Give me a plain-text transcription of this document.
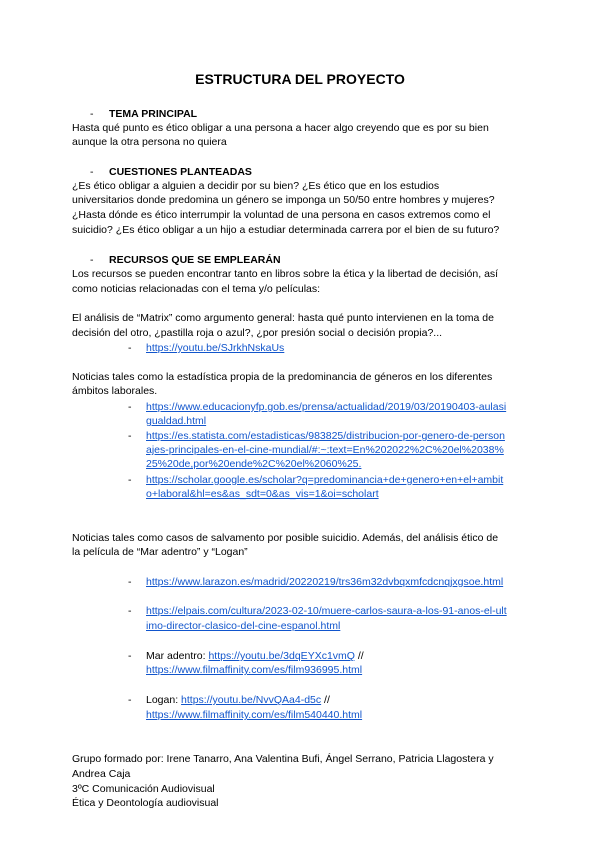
ESTRUCTURA DEL PROYECTO
- TEMA PRINCIPAL
Hasta qué punto es ético obligar a una persona a hacer algo creyendo que es por su bien
aunque la otra persona no quiera
- CUESTIONES PLANTEADAS
¿Es ético obligar a alguien a decidir por su bien? ¿Es ético que en los estudios
universitarios donde predomina un género se imponga un 50/50 entre hombres y mujeres?
¿Hasta dónde es ético interrumpir la voluntad de una persona en casos extremos como el
suicidio? ¿Es ético obligar a un hijo a estudiar determinada carrera por el bien de su futuro?
- RECURSOS QUE SE EMPLEARÁN
Los recursos se pueden encontrar tanto en libros sobre la ética y la libertad de decisión, así
como noticias relacionadas con el tema y/o películas:
El análisis de “Matrix” como argumento general: hasta qué punto intervienen en la toma de
decisión del otro, ¿pastilla roja o azul?, ¿por presión social o decisión propia?...
- https://youtu.be/SJrkhNskaUs
Noticias tales como la estadística propia de la predominancia de géneros en los diferentes
ámbitos laborales.
- https://www.educacionyfp.gob.es/prensa/actualidad/2019/03/20190403-aulasi
gualdad.html
- https://es.statista.com/estadisticas/983825/distribucion-por-genero-de-person
ajes-principales-en-el-cine-mundial/#:~:text=En%202022%2C%20el%2038%
25%20de,por%20ende%2C%20el%2060%25.
- https://scholar.google.es/scholar?q=predominancia+de+genero+en+el+ambit
o+laboral&hl=es&as_sdt=0&as_vis=1&oi=scholart
Noticias tales como casos de salvamento por posible suicidio. Además, del análisis ético de
la película de “Mar adentro” y “Logan”
- https://www.larazon.es/madrid/20220219/trs36m32dvbqxmfcdcnqjxgsoe.html
- https://elpais.com/cultura/2023-02-10/muere-carlos-saura-a-los-91-anos-el-ult
imo-director-clasico-del-cine-espanol.html
- Mar adentro: https://youtu.be/3dqEYXc1vmQ //
https://www.filmaffinity.com/es/film936995.html
- Logan: https://youtu.be/NvvQAa4-d5c //
https://www.filmaffinity.com/es/film540440.html
Grupo formado por: Irene Tanarro, Ana Valentina Bufi, Ángel Serrano, Patricia Llagostera y
Andrea Caja
3ºC Comunicación Audiovisual
Ética y Deontología audiovisual
